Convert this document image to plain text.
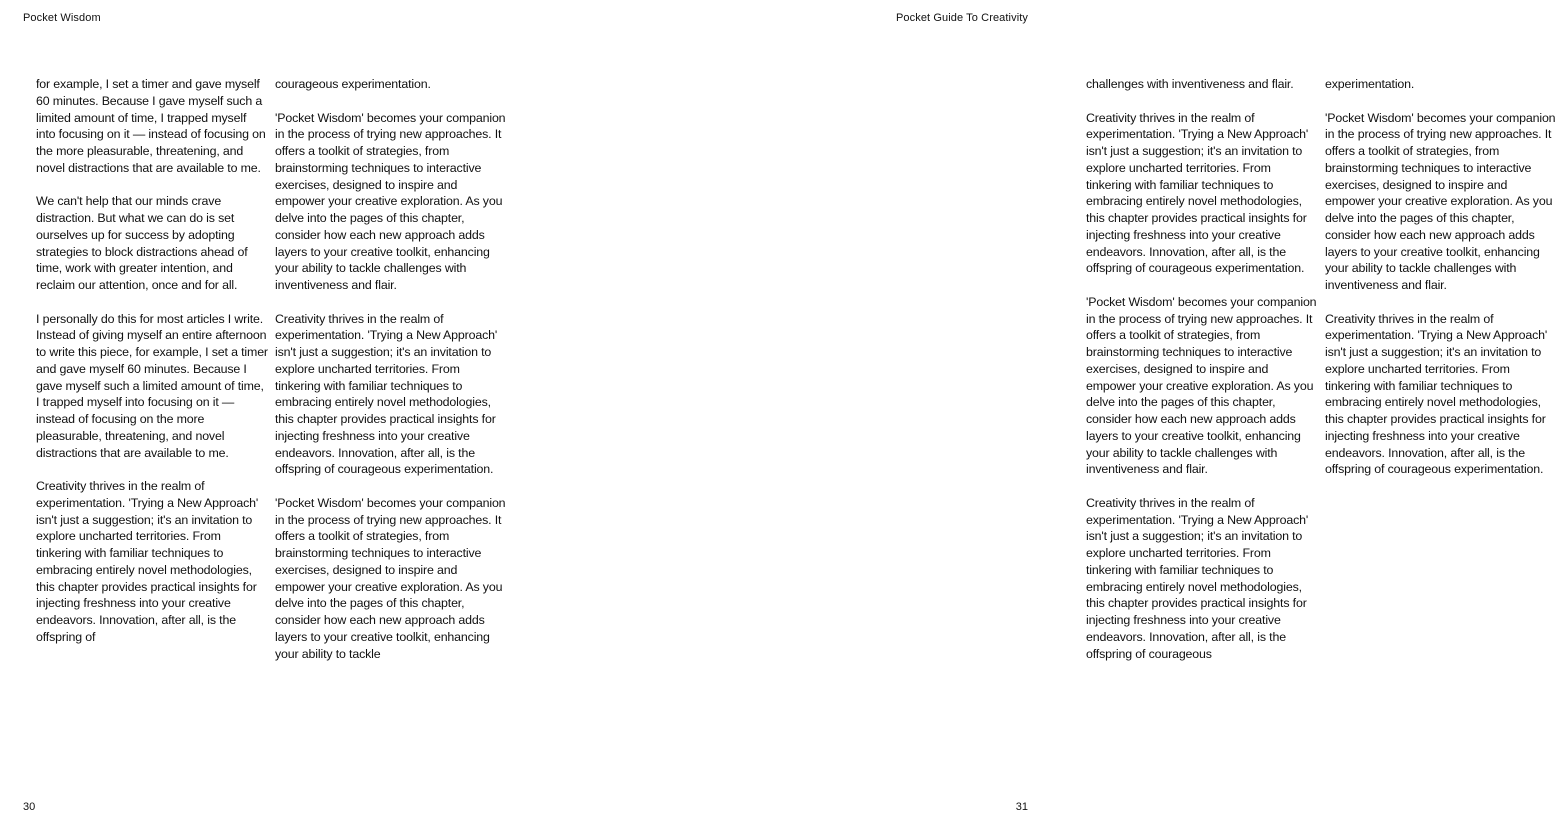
Pocket Wisdom

for example, I set a timer and gave myself 60 minutes. Because I gave myself such a limited amount of time, I trapped myself into focusing on it — instead of focusing on the more pleasurable, threatening, and novel distractions that are available to me.

We can't help that our minds crave distraction. But what we can do is set ourselves up for success by adopting strategies to block distractions ahead of time, work with greater intention, and reclaim our attention, once and for all.

I personally do this for most articles I write. Instead of giving myself an entire afternoon to write this piece, for example, I set a timer and gave myself 60 minutes. Because I gave myself such a limited amount of time, I trapped myself into focusing on it — instead of focusing on the more pleasurable, threatening, and novel distractions that are available to me.

Creativity thrives in the realm of experimentation. 'Trying a New Approach' isn't just a suggestion; it's an invitation to explore uncharted territories. From tinkering with familiar techniques to embracing entirely novel methodologies, this chapter provides practical insights for injecting freshness into your creative endeavors. Innovation, after all, is the offspring of

courageous experimentation.

'Pocket Wisdom' becomes your companion in the process of trying new approaches. It offers a toolkit of strategies, from brainstorming techniques to interactive exercises, designed to inspire and empower your creative exploration. As you delve into the pages of this chapter, consider how each new approach adds layers to your creative toolkit, enhancing your ability to tackle challenges with inventiveness and flair.

Creativity thrives in the realm of experimentation. 'Trying a New Approach' isn't just a suggestion; it's an invitation to explore uncharted territories. From tinkering with familiar techniques to embracing entirely novel methodologies, this chapter provides practical insights for injecting freshness into your creative endeavors. Innovation, after all, is the offspring of courageous experimentation.

'Pocket Wisdom' becomes your companion in the process of trying new approaches. It offers a toolkit of strategies, from brainstorming techniques to interactive exercises, designed to inspire and empower your creative exploration. As you delve into the pages of this chapter, consider how each new approach adds layers to your creative toolkit, enhancing your ability to tackle

30
Pocket Guide To Creativity

challenges with inventiveness and flair.

Creativity thrives in the realm of experimentation. 'Trying a New Approach' isn't just a suggestion; it's an invitation to explore uncharted territories. From tinkering with familiar techniques to embracing entirely novel methodologies, this chapter provides practical insights for injecting freshness into your creative endeavors. Innovation, after all, is the offspring of courageous experimentation.

'Pocket Wisdom' becomes your companion in the process of trying new approaches. It offers a toolkit of strategies, from brainstorming techniques to interactive exercises, designed to inspire and empower your creative exploration. As you delve into the pages of this chapter, consider how each new approach adds layers to your creative toolkit, enhancing your ability to tackle challenges with inventiveness and flair.

Creativity thrives in the realm of experimentation. 'Trying a New Approach' isn't just a suggestion; it's an invitation to explore uncharted territories. From tinkering with familiar techniques to embracing entirely novel methodologies, this chapter provides practical insights for injecting freshness into your creative endeavors. Innovation, after all, is the offspring of courageous

experimentation.

'Pocket Wisdom' becomes your companion in the process of trying new approaches. It offers a toolkit of strategies, from brainstorming techniques to interactive exercises, designed to inspire and empower your creative exploration. As you delve into the pages of this chapter, consider how each new approach adds layers to your creative toolkit, enhancing your ability to tackle challenges with inventiveness and flair.

Creativity thrives in the realm of experimentation. 'Trying a New Approach' isn't just a suggestion; it's an invitation to explore uncharted territories. From tinkering with familiar techniques to embracing entirely novel methodologies, this chapter provides practical insights for injecting freshness into your creative endeavors. Innovation, after all, is the offspring of courageous experimentation.

31
